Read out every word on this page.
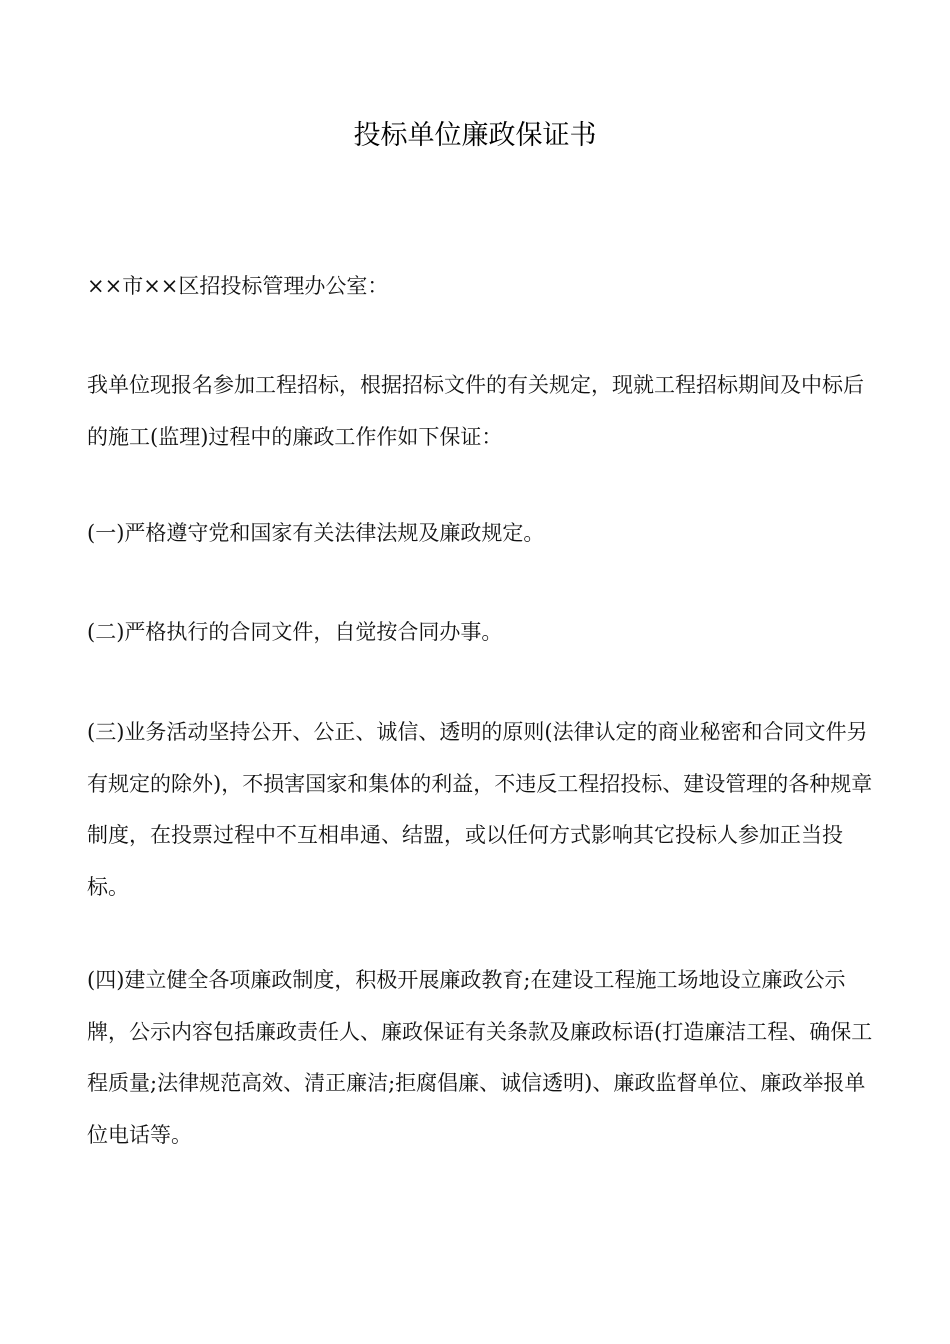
投标单位廉政保证书
××市××区招投标管理办公室：

我单位现报名参加工程招标，根据招标文件的有关规定，现就工程招标期间及中标后的施工(监理)过程中的廉政工作作如下保证：

(一)严格遵守党和国家有关法律法规及廉政规定。

(二)严格执行的合同文件，自觉按合同办事。

(三)业务活动坚持公开、公正、诚信、透明的原则(法律认定的商业秘密和合同文件另有规定的除外)，不损害国家和集体的利益，不违反工程招投标、建设管理的各种规章制度，在投票过程中不互相串通、结盟，或以任何方式影响其它投标人参加正当投标。

(四)建立健全各项廉政制度，积极开展廉政教育;在建设工程施工场地设立廉政公示牌，公示内容包括廉政责任人、廉政保证有关条款及廉政标语(打造廉洁工程、确保工程质量;法律规范高效、清正廉洁;拒腐倡廉、诚信透明)、廉政监督单位、廉政举报单位电话等。
